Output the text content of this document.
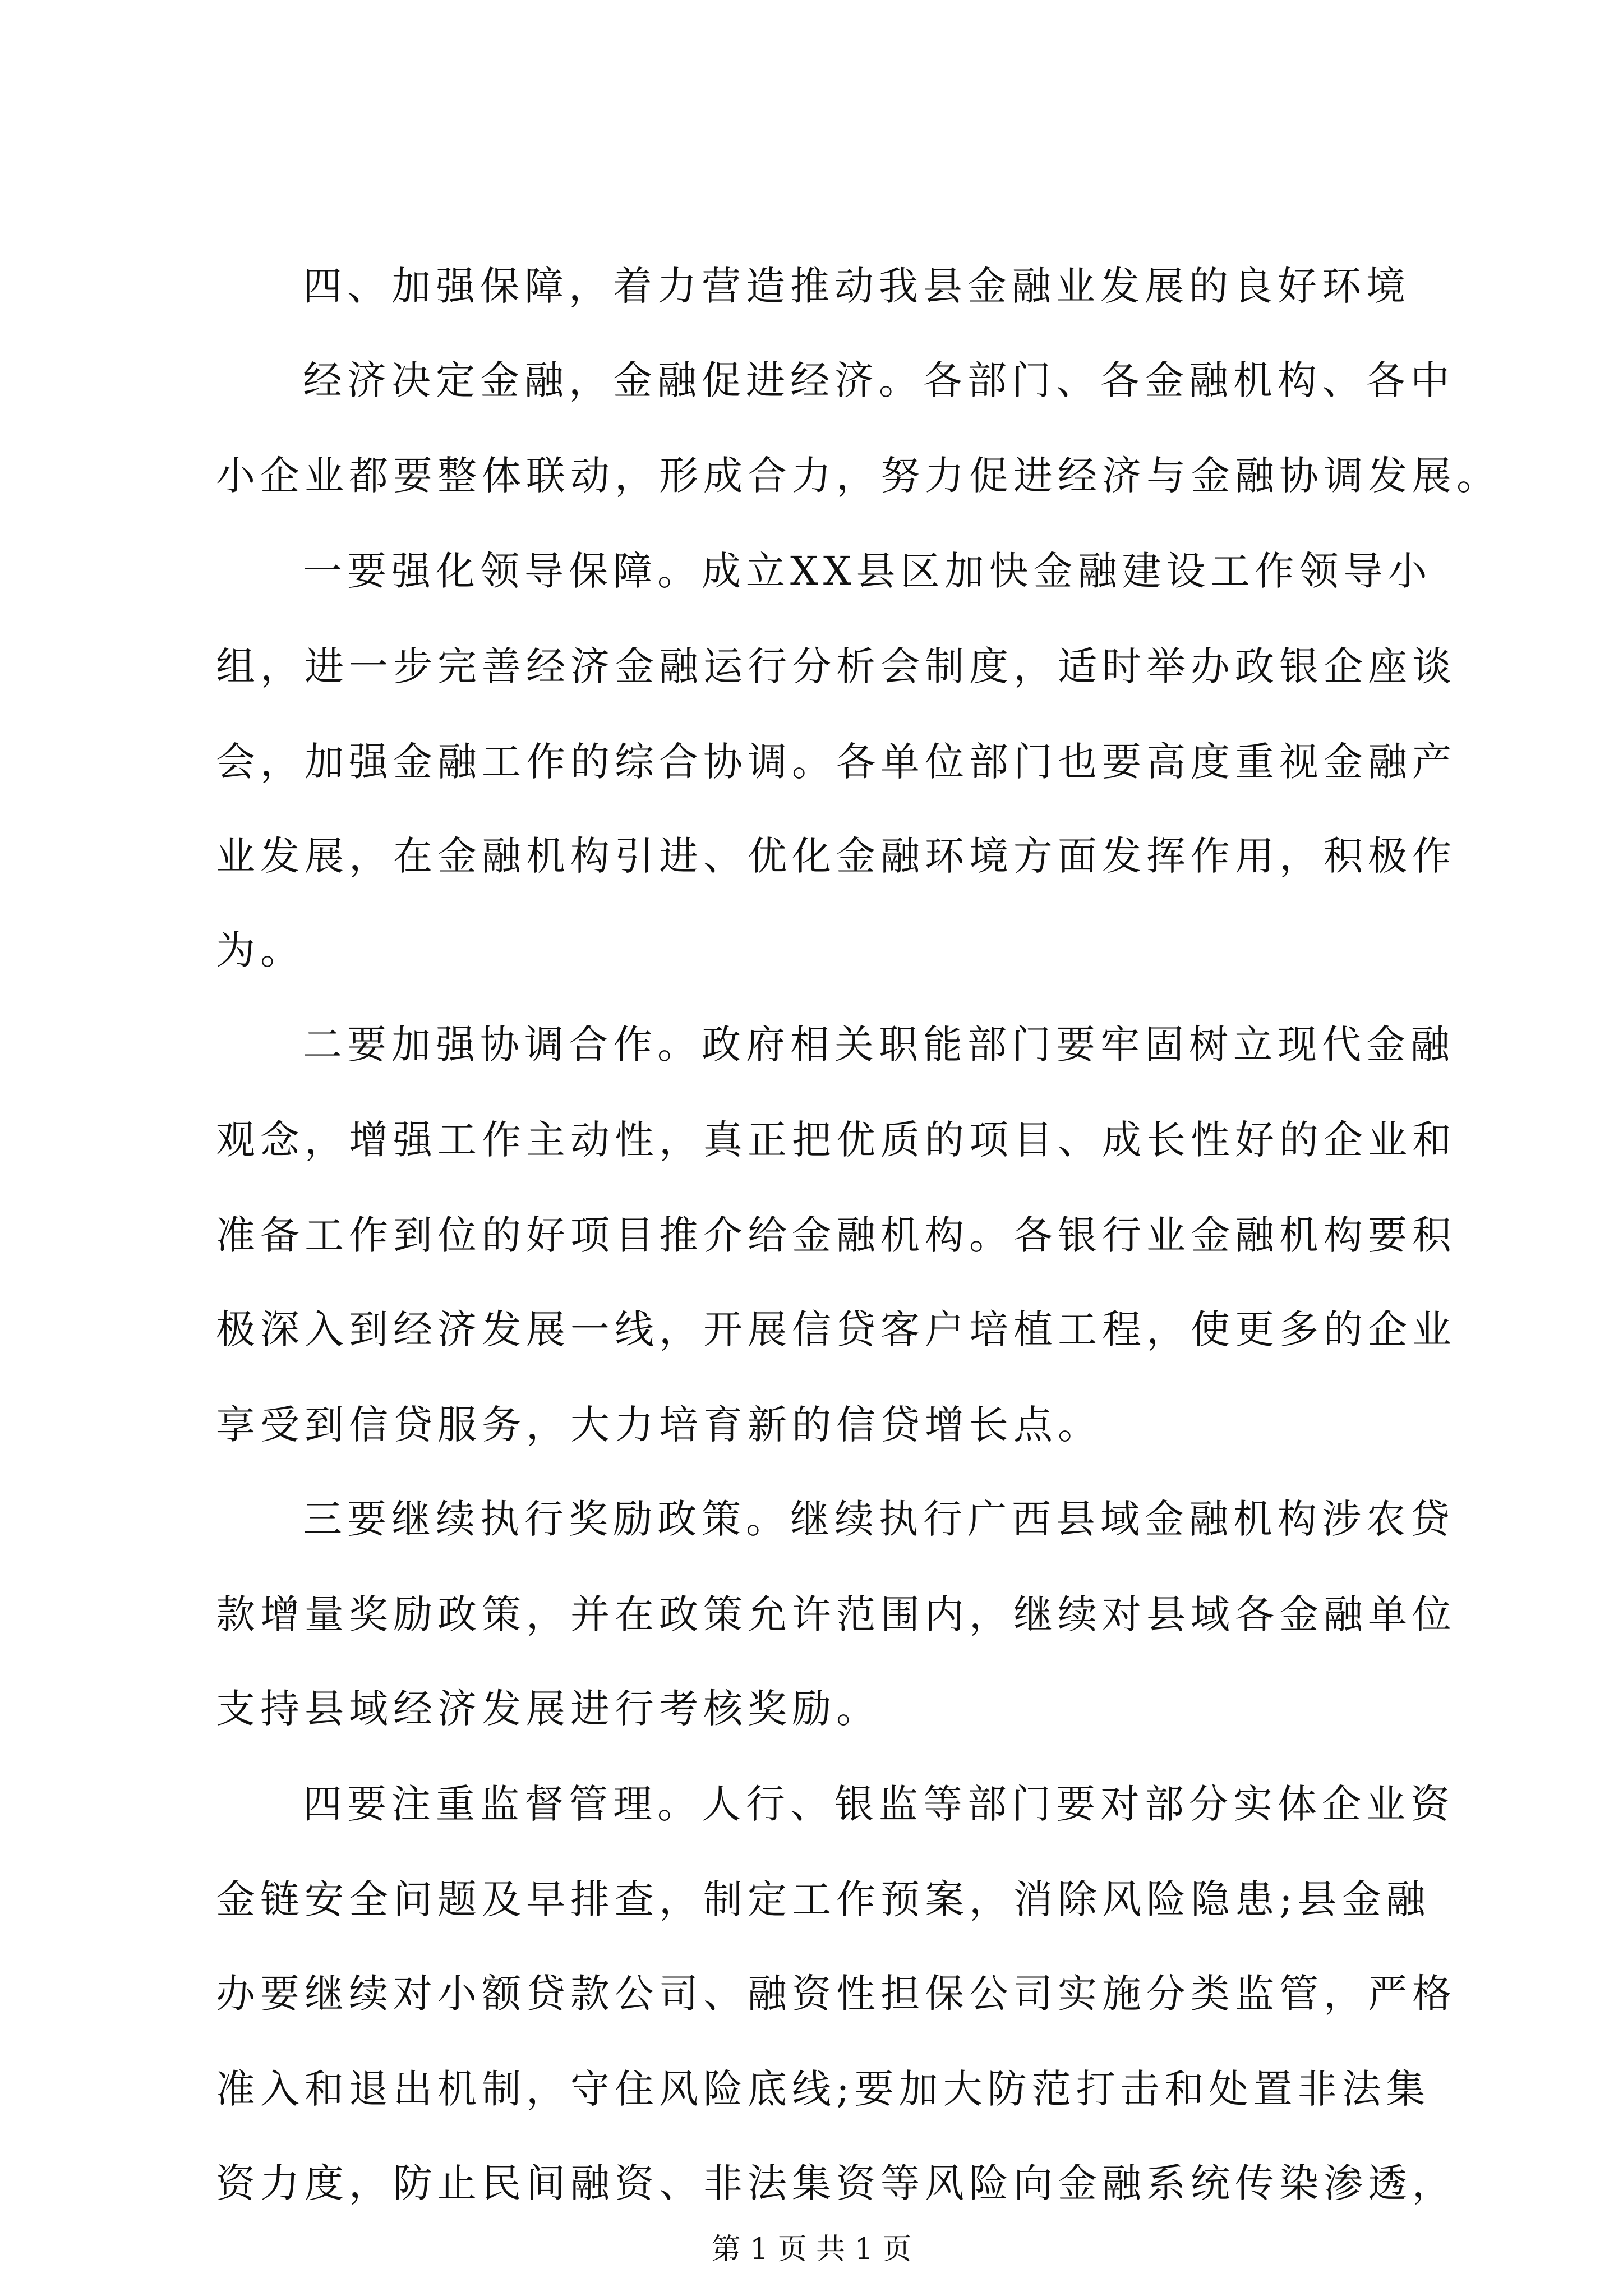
四、加强保障，着力营造推动我县金融业发展的良好环境
经济决定金融，金融促进经济。各部门、各金融机构、各中
小企业都要整体联动，形成合力，努力促进经济与金融协调发展。
一要强化领导保障。成立XX县区加快金融建设工作领导小
组，进一步完善经济金融运行分析会制度，适时举办政银企座谈
会，加强金融工作的综合协调。各单位部门也要高度重视金融产
业发展，在金融机构引进、优化金融环境方面发挥作用，积极作
为。
二要加强协调合作。政府相关职能部门要牢固树立现代金融
观念，增强工作主动性，真正把优质的项目、成长性好的企业和
准备工作到位的好项目推介给金融机构。各银行业金融机构要积
极深入到经济发展一线，开展信贷客户培植工程，使更多的企业
享受到信贷服务，大力培育新的信贷增长点。
三要继续执行奖励政策。继续执行广西县域金融机构涉农贷
款增量奖励政策，并在政策允许范围内，继续对县域各金融单位
支持县域经济发展进行考核奖励。
四要注重监督管理。人行、银监等部门要对部分实体企业资
金链安全问题及早排查，制定工作预案，消除风险隐患;县金融
办要继续对小额贷款公司、融资性担保公司实施分类监管，严格
准入和退出机制，守住风险底线;要加大防范打击和处置非法集
资力度，防止民间融资、非法集资等风险向金融系统传染渗透，
第 1 页 共 1 页
